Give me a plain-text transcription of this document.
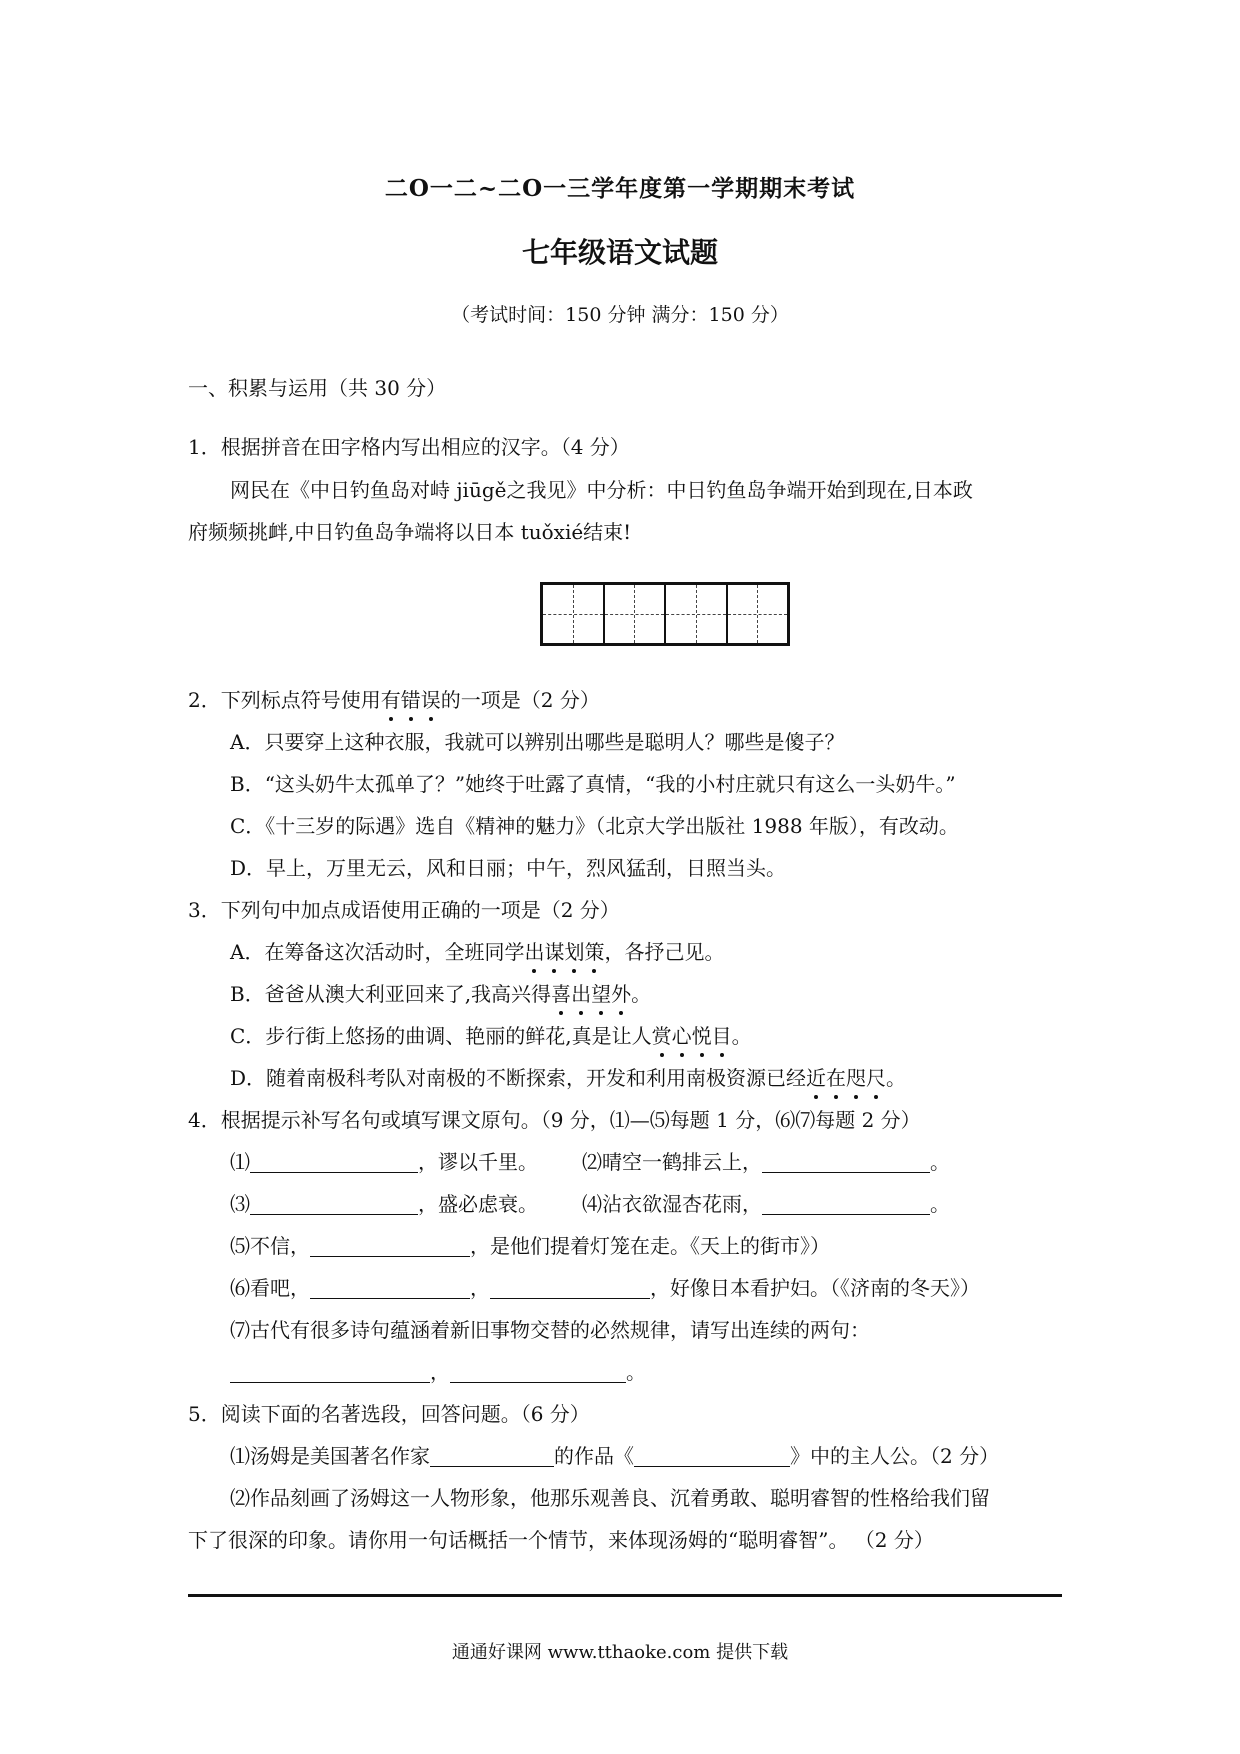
二O一二~二O一三学年度第一学期期末考试
七年级语文试题
（考试时间：150 分钟 满分：150 分）
一、积累与运用（共 30 分）
1．根据拼音在田字格内写出相应的汉字。（4 分）
网民在《中日钓鱼岛对峙 jiūgě之我见》中分析：中日钓鱼岛争端开始到现在,日本政
府频频挑衅,中日钓鱼岛争端将以日本 tuǒxié结束!
2．下列标点符号使用有错误的一项是（2 分）
A．只要穿上这种衣服，我就可以辨别出哪些是聪明人？哪些是傻子？
B．“这头奶牛太孤单了？”她终于吐露了真情，“我的小村庄就只有这么一头奶牛。”
C．《十三岁的际遇》选自《精神的魅力》（北京大学出版社 1988 年版），有改动。
D．早上，万里无云，风和日丽；中午，烈风猛刮，日照当头。
3．下列句中加点成语使用正确的一项是（2 分）
A．在筹备这次活动时，全班同学出谋划策，各抒己见。
B．爸爸从澳大利亚回来了,我高兴得喜出望外。
C．步行街上悠扬的曲调、艳丽的鲜花,真是让人赏心悦目。
D．随着南极科考队对南极的不断探索，开发和利用南极资源已经近在咫尺。
4．根据提示补写名句或填写课文原句。（9 分，⑴—⑸每题 1 分，⑹⑺每题 2 分）
⑴	，谬以千里。 ⑵晴空一鹤排云上，	。
⑶	，盛必虑衰。 ⑷沾衣欲湿杏花雨，	。
⑸不信，	，是他们提着灯笼在走。《天上的街市》）
⑹看吧，	，	，好像日本看护妇。（《济南的冬天》）
⑺古代有很多诗句蕴涵着新旧事物交替的必然规律，请写出连续的两句：
，	。
5．阅读下面的名著选段，回答问题。（6 分）
⑴汤姆是美国著名作家	的作品《	》中的主人公。（2 分）
⑵作品刻画了汤姆这一人物形象，他那乐观善良、沉着勇敢、聪明睿智的性格给我们留
下了很深的印象。请你用一句话概括一个情节，来体现汤姆的“聪明睿智”。 （2 分）
通通好课网 www.tthaoke.com 提供下载
